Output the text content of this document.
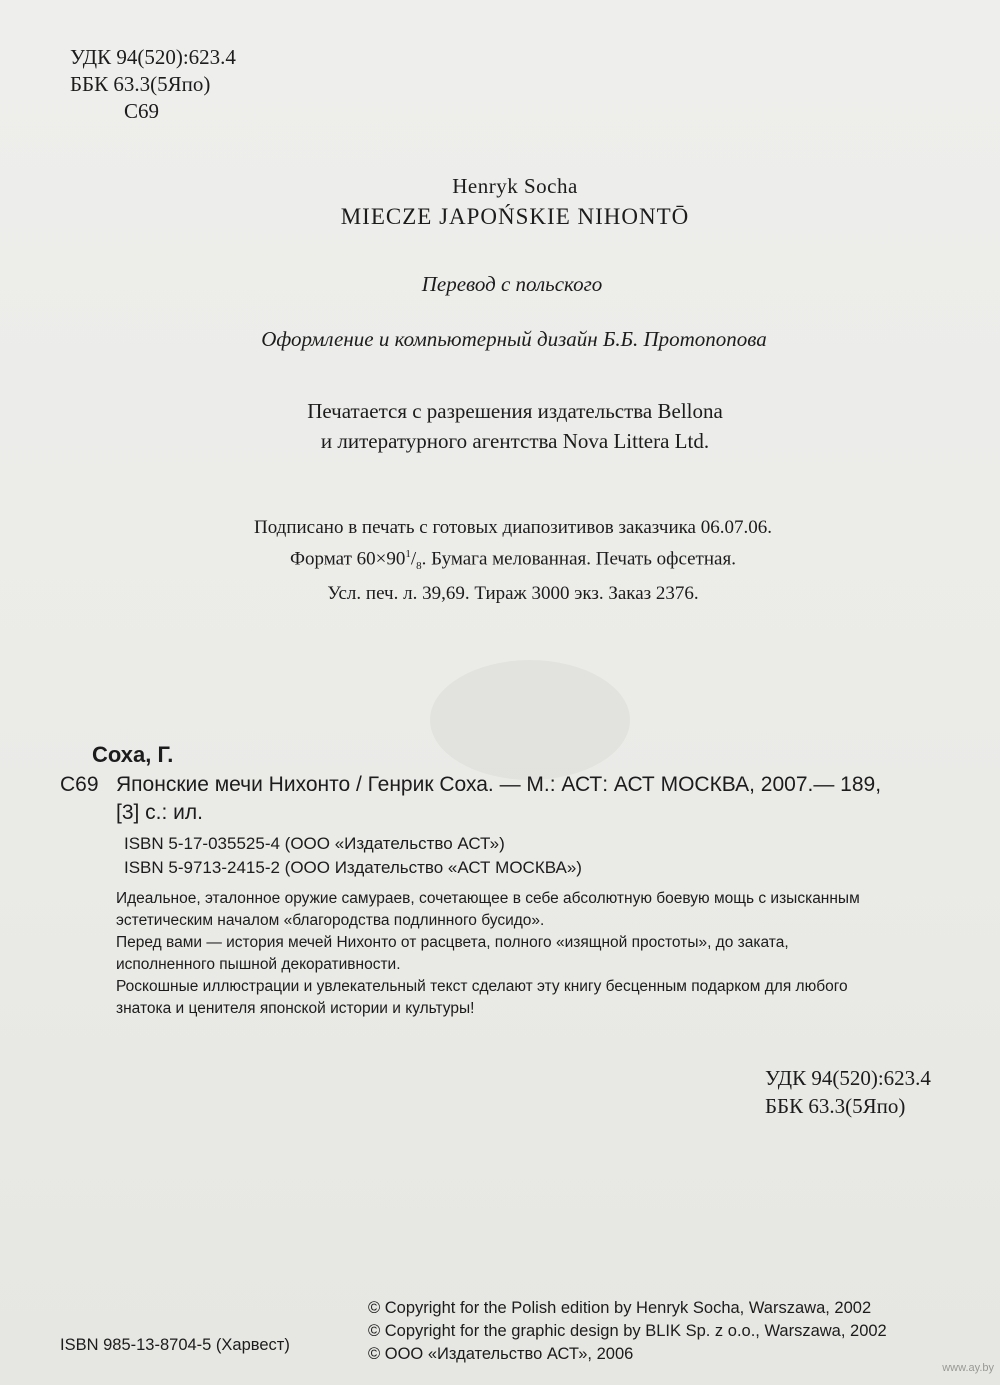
УДК 94(520):623.4
ББК 63.3(5Япо)
С69

Henryk Socha

MIECZE JAPOŃSKIE NIHONTŌ

Перевод с польского

Оформление и компьютерный дизайн Б.Б. Протопопова

Печатается с разрешения издательства Bellona
и литературного агентства Nova Littera Ltd.
Подписано в печать с готовых диапозитивов заказчика 06.07.06.
Формат $60\times 90^1/_8$. Бумага мелованная. Печать офсетная.
Усл. печ. л. 39,69. Тираж 3000 экз. Заказ 2376.

Соха, Г.

С69 Японские мечи Нихонто / Генрик Соха. — М.: АСТ: АСТ МОСКВА, 2007.— 189,

[3] с.: ил.

ISBN 5-17-035525-4 (ООО «Издательство АСТ»)

ISBN 5-9713-2415-2 (ООО Издательство «АСТ МОСКВА»)

Идеальное, эталонное оружие самураев, сочетающее в себе абсолютную боевую мощь с изысканным
эстетическим началом «благородства подлинного бусидо».

Перед вами — история мечей Нихонто от расцвета, полного «изящной простоты», до заката,
исполненного пышной декоративности.

Роскошные иллюстрации и увлекательный текст сделают эту книгу бесценным подарком для любого
знатока и ценителя японской истории и культуры!

УДК 94(520):623.4
ББК 63.3(5Япо)
© Copyright for the Polish edition by Henryk Socha, Warszawa, 2002
© Copyright for the graphic design by BLIK Sp. z o.o., Warszawa, 2002
© ООО «Издательство АСТ», 2006

ISBN 985-13-8704-5 (Харвест)

www.ay.by
